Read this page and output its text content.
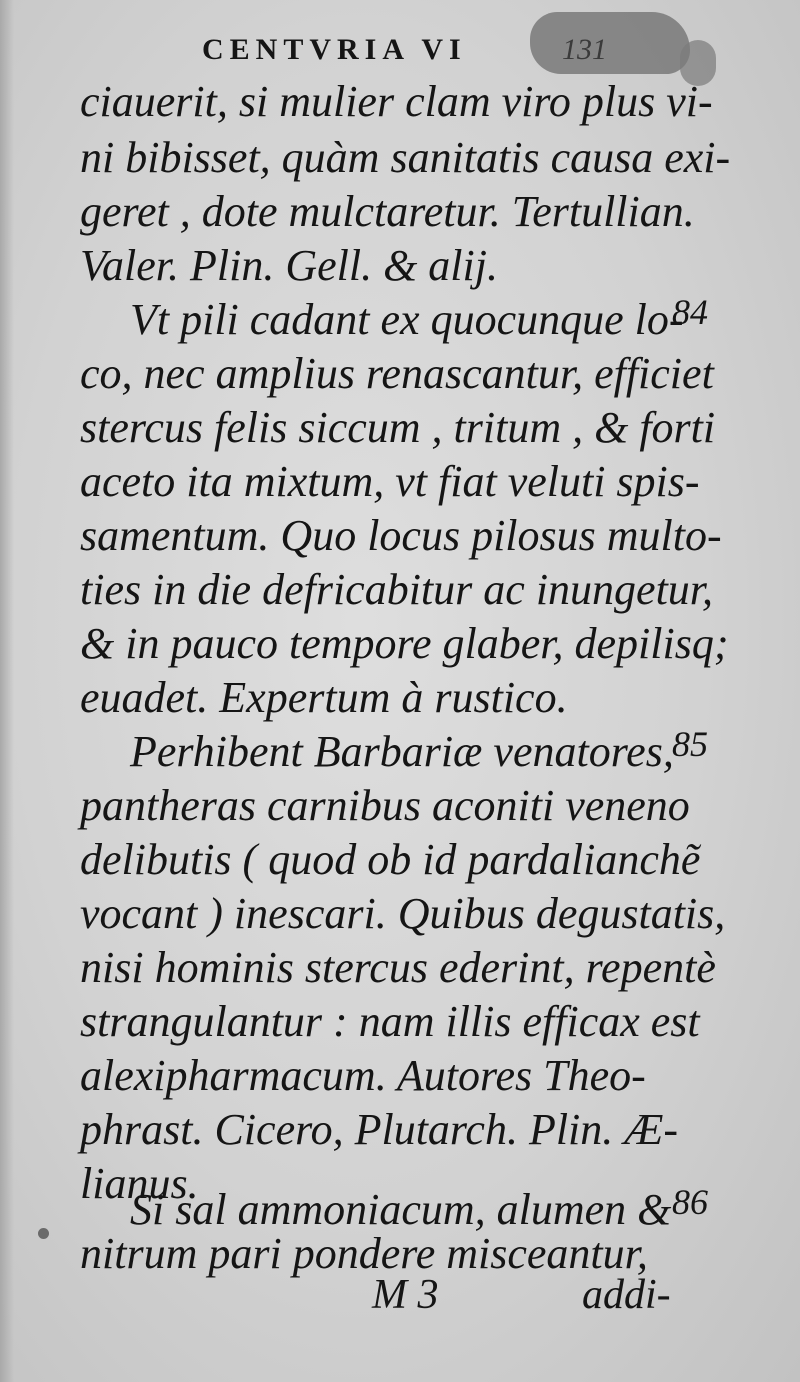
CENTVRIA VI	131
ciauerit, si mulier clam viro plus vi-
ni bibisset, quàm sanitatis causa exi-
geret , dote mulctaretur. Tertullian.
Valer. Plin. Gell. & alij.
Vt pili cadant ex quocunque lo-
co, nec amplius renascantur, efficiet
stercus felis siccum , tritum , & forti
aceto ita mixtum, vt fiat veluti spis-
samentum. Quo locus pilosus multo-
ties in die defricabitur ac inungetur,
& in pauco tempore glaber, depilisq;
euadet. Expertum à rustico.
Perhibent Barbariæ venatores,
pantheras carnibus aconiti veneno
delibutis ( quod ob id pardalianchẽ
vocant ) inescari. Quibus degustatis,
nisi hominis stercus ederint, repentè
strangulantur : nam illis efficax est
alexipharmacum. Autores Theo-
phrast. Cicero, Plutarch. Plin. Æ-
lianus.
Si sal ammoniacum, alumen &
nitrum pari pondere misceantur,
84
85
86
M 3	addi-
